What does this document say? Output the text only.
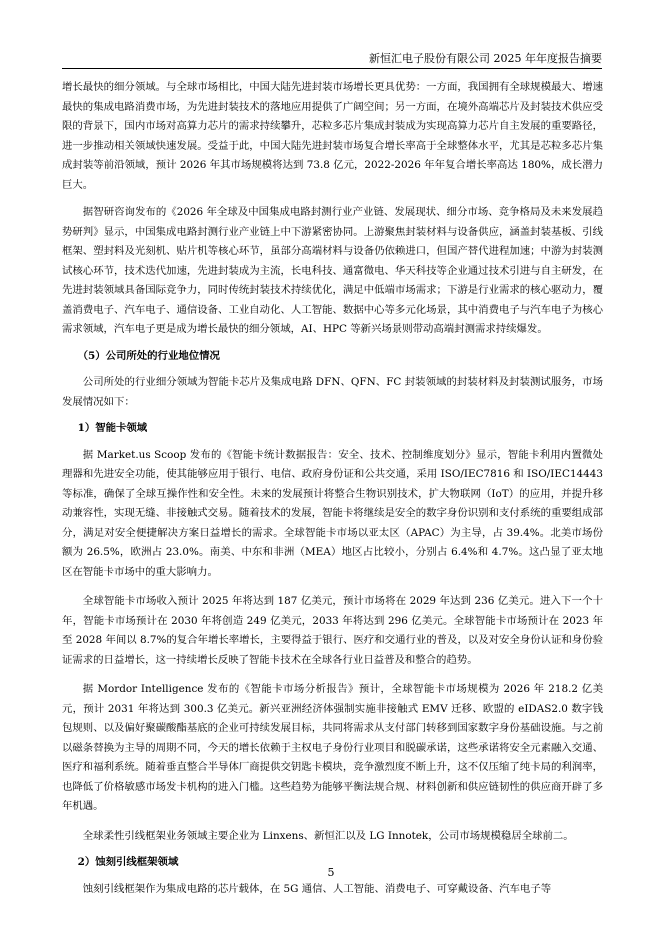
新恒汇电子股份有限公司 2025 年年度报告摘要

增长最快的细分领域。与全球市场相比，中国大陆先进封装市场增长更具优势：一方面，我国拥有全球规模最大、增速最快的集成电路消费市场，为先进封装技术的落地应用提供了广阔空间；另一方面，在境外高端芯片及封装技术供应受限的背景下，国内市场对高算力芯片的需求持续攀升，芯粒多芯片集成封装成为实现高算力芯片自主发展的重要路径，进一步推动相关领域快速发展。受益于此，中国大陆先进封装市场复合增长率高于全球整体水平，尤其是芯粒多芯片集成封装等前沿领域，预计 2026 年其市场规模将达到 73.8 亿元，2022-2026 年年复合增长率高达 180%，成长潜力巨大。

据智研咨询发布的《2026 年全球及中国集成电路封测行业产业链、发展现状、细分市场、竞争格局及未来发展趋势研判》显示，中国集成电路封测行业产业链上中下游紧密协同。上游聚焦封装材料与设备供应，涵盖封装基板、引线框架、塑封料及光刻机、贴片机等核心环节，虽部分高端材料与设备仍依赖进口，但国产替代进程加速；中游为封装测试核心环节，技术迭代加速，先进封装成为主流，长电科技、通富微电、华天科技等企业通过技术引进与自主研发，在先进封装领域具备国际竞争力，同时传统封装技术持续优化，满足中低端市场需求；下游是行业需求的核心驱动力，覆盖消费电子、汽车电子、通信设备、工业自动化、人工智能、数据中心等多元化场景，其中消费电子与汽车电子为核心需求领域，汽车电子更是成为增长最快的细分领域，AI、HPC 等新兴场景则带动高端封测需求持续爆发。

（5）公司所处的行业地位情况

公司所处的行业细分领域为智能卡芯片及集成电路 DFN、QFN、FC 封装领域的封装材料及封装测试服务，市场发展情况如下：

1）智能卡领域

据 Market.us Scoop 发布的《智能卡统计数据报告：安全、技术、控制维度划分》显示，智能卡利用内置微处理器和先进安全功能，使其能够应用于银行、电信、政府身份证和公共交通，采用 ISO/IEC7816 和 ISO/IEC14443 等标准，确保了全球互操作性和安全性。未来的发展预计将整合生物识别技术，扩大物联网（IoT）的应用，并提升移动兼容性，实现无缝、非接触式交易。随着技术的发展，智能卡将继续是安全的数字身份识别和支付系统的重要组成部分，满足对安全便捷解决方案日益增长的需求。全球智能卡市场以亚太区（APAC）为主导，占 39.4%。北美市场份额为 26.5%，欧洲占 23.0%。南美、中东和非洲（MEA）地区占比较小，分别占 6.4%和 4.7%。这凸显了亚太地区在智能卡市场中的重大影响力。

全球智能卡市场收入预计 2025 年将达到 187 亿美元，预计市场将在 2029 年达到 236 亿美元。进入下一个十年，智能卡市场预计在 2030 年将创造 249 亿美元，2033 年将达到 296 亿美元。全球智能卡市场预计在 2023 年至 2028 年间以 8.7%的复合年增长率增长，主要得益于银行、医疗和交通行业的普及，以及对安全身份认证和身份验证需求的日益增长，这一持续增长反映了智能卡技术在全球各行业日益普及和整合的趋势。

据 Mordor Intelligence 发布的《智能卡市场分析报告》预计，全球智能卡市场规模为 2026 年 218.2 亿美元，预计 2031 年将达到 300.3 亿美元。新兴亚洲经济体强制实施非接触式 EMV 迁移、欧盟的 eIDAS2.0 数字钱包规则、以及偏好聚碳酸酯基底的企业可持续发展目标，共同将需求从支付部门转移到国家数字身份基础设施。与之前以磁条替换为主导的周期不同，今天的增长依赖于主权电子身份行业项目和脱碳承诺，这些承诺将安全元素融入交通、医疗和福利系统。随着垂直整合半导体厂商提供交钥匙卡模块，竞争激烈度不断上升，这不仅压缩了纯卡局的利润率，也降低了价格敏感市场发卡机构的进入门槛。这些趋势为能够平衡法规合规、材料创新和供应链韧性的供应商开辟了多年机遇。

全球柔性引线框架业务领域主要企业为 Linxens、新恒汇以及 LG Innotek，公司市场规模稳居全球前二。

2）蚀刻引线框架领域

蚀刻引线框架作为集成电路的芯片载体，在 5G 通信、人工智能、消费电子、可穿戴设备、汽车电子等

5
